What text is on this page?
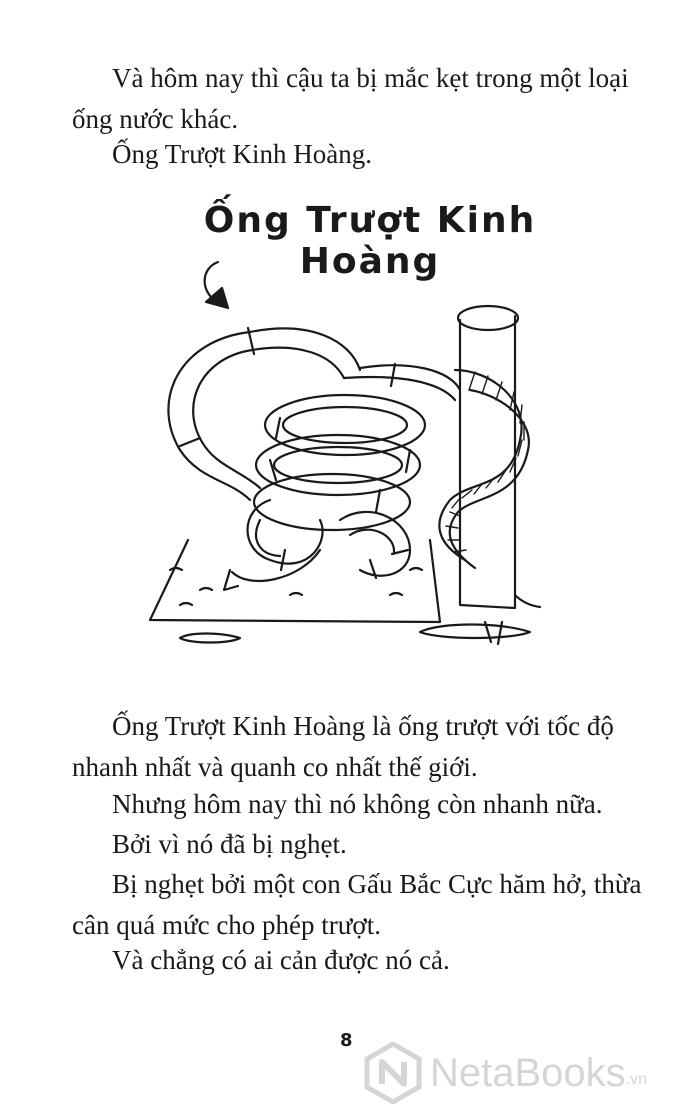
Và hôm nay thì cậu ta bị mắc kẹt trong một loại
ống nước khác.

Ống Trượt Kinh Hoàng.

Ống Trượt Kinh Hoàng

Ống Trượt Kinh Hoàng là ống trượt với tốc độ
nhanh nhất và quanh co nhất thế giới.

Nhưng hôm nay thì nó không còn nhanh nữa.

Bởi vì nó đã bị nghẹt.

Bị nghẹt bởi một con Gấu Bắc Cực hăm hở, thừa
cân quá mức cho phép trượt.

Và chẳng có ai cản được nó cả.

8
NetaBooks .vn
